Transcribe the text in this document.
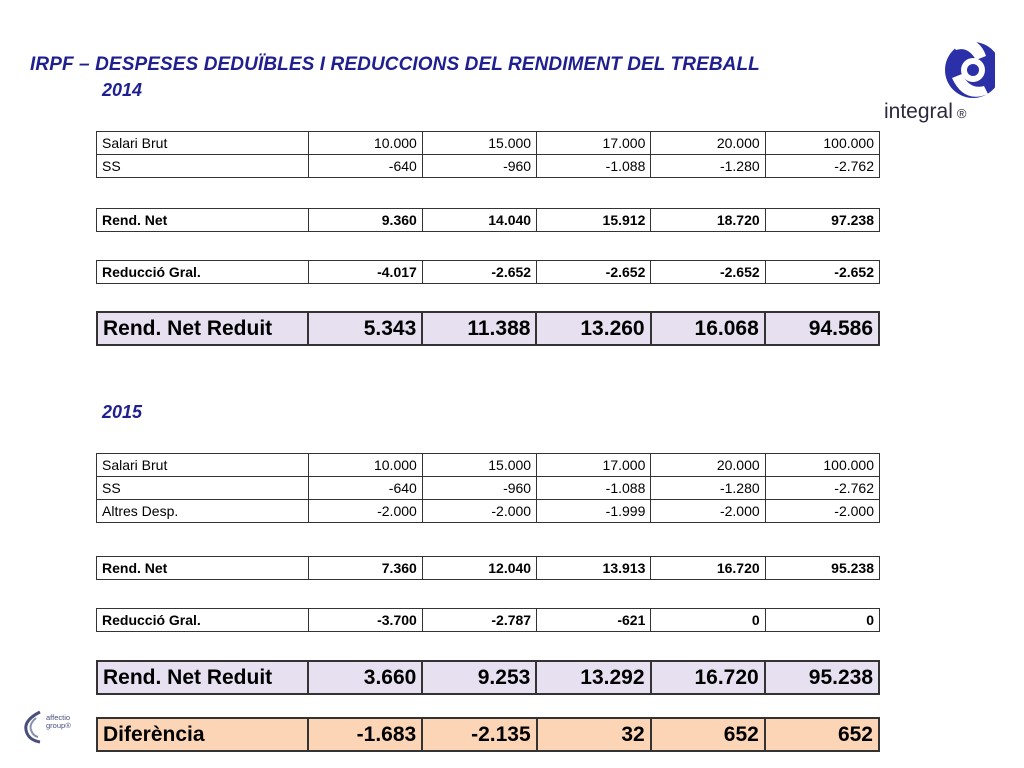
IRPF – DESPESES DEDUÏBLES I REDUCCIONS DEL RENDIMENT DEL TREBALL
2014
integral ®
Salari Brut	10.000	15.000	17.000	20.000	100.000
SS	-640	-960	-1.088	-1.280	-2.762
Rend. Net	9.360	14.040	15.912	18.720	97.238
Reducció Gral.	-4.017	-2.652	-2.652	-2.652	-2.652
Rend. Net Reduit	5.343	11.388	13.260	16.068	94.586
2015
Salari Brut	10.000	15.000	17.000	20.000	100.000
SS	-640	-960	-1.088	-1.280	-2.762
Altres Desp.	-2.000	-2.000	-1.999	-2.000	-2.000
Rend. Net	7.360	12.040	13.913	16.720	95.238
Reducció Gral.	-3.700	-2.787	-621	0	0
Rend. Net Reduit	3.660	9.253	13.292	16.720	95.238
Diferència	-1.683	-2.135	32	652	652
affectio group®
